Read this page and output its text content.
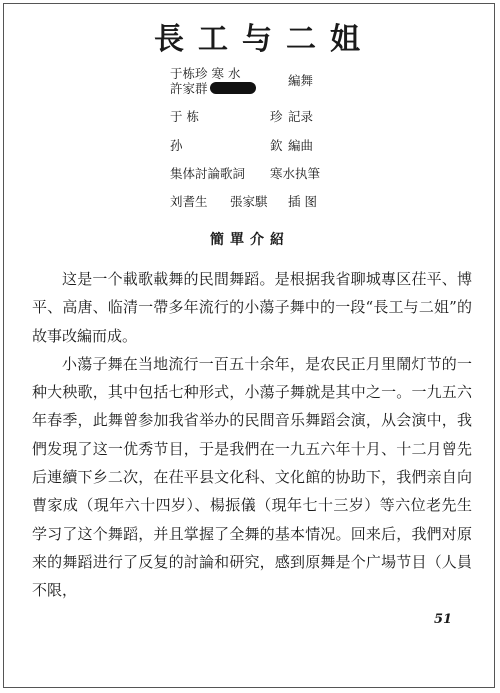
長工与二姐
于栋珍 寒 水
許家群
編舞
于 栋	珍 記录
孙	欽 編曲
集体討論歌詞	寒水执筆
刘耆生	張家騏 插 图
簡單介紹

这是一个載歌載舞的民間舞蹈。是根据我省聊城專区茌平、博平、高唐、临清一帶多年流行的小蕩子舞中的一段“長工与二姐”的故事改編而成。

小蕩子舞在当地流行一百五十余年，是农民正月里鬧灯节的一种大秧歌，其中包括七种形式，小蕩子舞就是其中之一。一九五六年春季，此舞曾参加我省举办的民間音乐舞蹈会演，从会演中，我們发現了这一优秀节目，于是我們在一九五六年十月、十二月曾先后連續下乡二次，在茌平县文化科、文化館的协助下，我們亲自向曹家成（現年六十四岁）、楊振儀（現年七十三岁）等六位老先生学习了这个舞蹈，并且掌握了全舞的基本情况。回来后，我們对原来的舞蹈进行了反复的討論和研究，感到原舞是个广場节目（人員不限，

51
